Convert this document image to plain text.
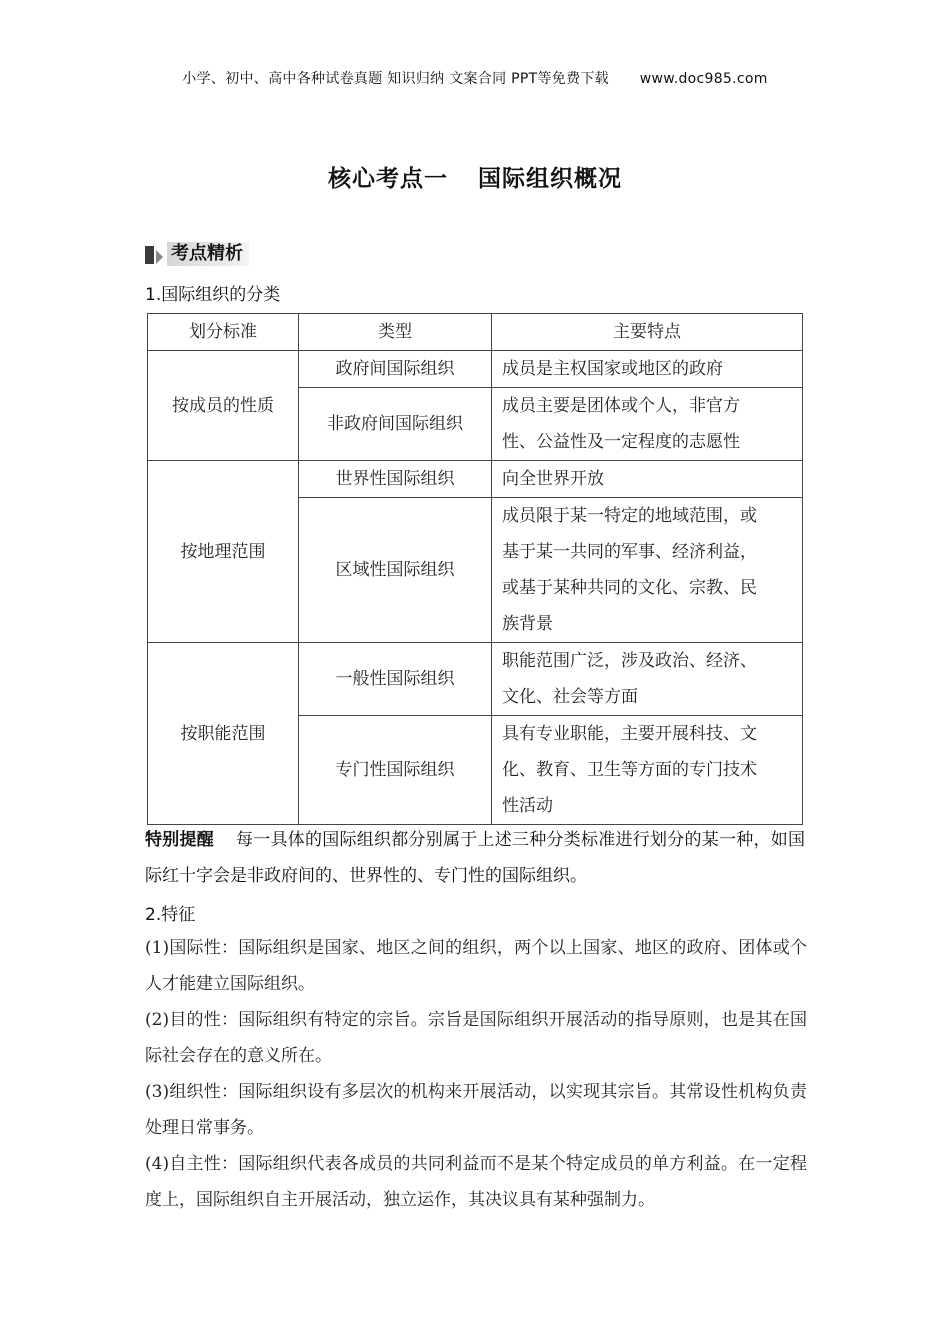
小学、初中、高中各种试卷真题 知识归纳 文案合同 PPT等免费下载 www.doc985.com
核心考点一 国际组织概况
考点精析
1.国际组织的分类
划分标准	类型	主要特点
按成员的性质	政府间国际组织	成员是主权国家或地区的政府

	非政府间国际组织	成员主要是团体或个人，非官方
性、公益性及一定程度的志愿性

按地理范围	世界性国际组织	向全世界开放

	区域性国际组织	成员限于某一特定的地域范围，或
基于某一共同的军事、经济利益，
或基于某种共同的文化、宗教、民
族背景

按职能范围	一般性国际组织	职能范围广泛，涉及政治、经济、
文化、社会等方面

	专门性国际组织	具有专业职能，主要开展科技、文
化、教育、卫生等方面的专门技术
性活动
特别提醒 每一具体的国际组织都分别属于上述三种分类标准进行划分的某一种，如国际红十字会是非政府间的、世界性的、专门性的国际组织。
2.特征
(1)国际性：国际组织是国家、地区之间的组织，两个以上国家、地区的政府、团体或个人才能建立国际组织。
(2)目的性：国际组织有特定的宗旨。宗旨是国际组织开展活动的指导原则，也是其在国际社会存在的意义所在。
(3)组织性：国际组织设有多层次的机构来开展活动，以实现其宗旨。其常设性机构负责处理日常事务。
(4)自主性：国际组织代表各成员的共同利益而不是某个特定成员的单方利益。在一定程度上，国际组织自主开展活动，独立运作，其决议具有某种强制力。
